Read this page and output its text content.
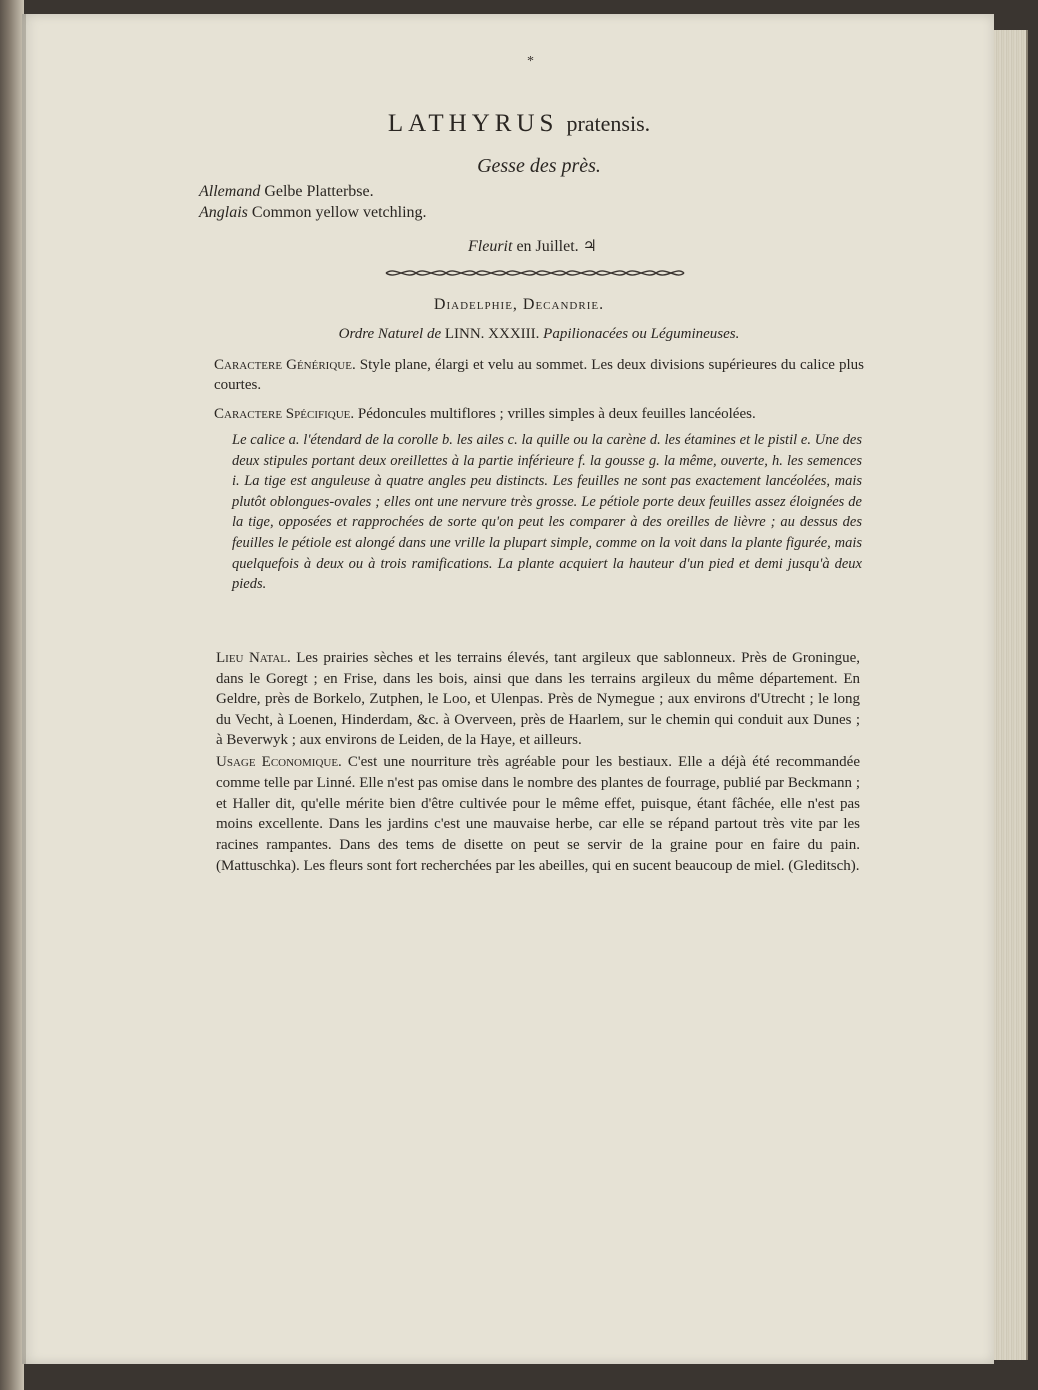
*
LATHYRUS pratensis.
Gesse des près.
Allemand Gelbe Platterbse.
Anglais Common yellow vetchling.
Fleurit en Juillet. ♃
Diadelphie, Decandrie.
Ordre Naturel de LINN. XXXIII. Papilionacées ou Légumineuses.
Caractere Générique. Style plane, élargi et velu au sommet. Les deux divisions supérieures du calice plus courtes.
Caractere Spécifique. Pédoncules multiflores ; vrilles simples à deux feuilles lancéolées.
Le calice a. l'étendard de la corolle b. les ailes c. la quille ou la carène d. les étamines et le pistil e. Une des deux stipules portant deux oreillettes à la partie inférieure f. la gousse g. la même, ouverte, h. les semences i. La tige est anguleuse à quatre angles peu distincts. Les feuilles ne sont pas exactement lancéolées, mais plutôt oblongues-ovales ; elles ont une nervure très grosse. Le pétiole porte deux feuilles assez éloignées de la tige, opposées et rapprochées de sorte qu'on peut les comparer à des oreilles de lièvre ; au dessus des feuilles le pétiole est alongé dans une vrille la plupart simple, comme on la voit dans la plante figurée, mais quelquefois à deux ou à trois ramifications. La plante acquiert la hauteur d'un pied et demi jusqu'à deux pieds.
Lieu Natal. Les prairies sèches et les terrains élevés, tant argileux que sablonneux. Près de Groningue, dans le Goregt ; en Frise, dans les bois, ainsi que dans les terrains argileux du même département. En Geldre, près de Borkelo, Zutphen, le Loo, et Ulenpas. Près de Nymegue ; aux environs d'Utrecht ; le long du Vecht, à Loenen, Hinderdam, &c. à Overveen, près de Haarlem, sur le chemin qui conduit aux Dunes ; à Beverwyk ; aux environs de Leiden, de la Haye, et ailleurs.
Usage Economique. C'est une nourriture très agréable pour les bestiaux. Elle a déjà été recommandée comme telle par Linné. Elle n'est pas omise dans le nombre des plantes de fourrage, publié par Beckmann ; et Haller dit, qu'elle mérite bien d'être cultivée pour le même effet, puisque, étant fâchée, elle n'est pas moins excellente. Dans les jardins c'est une mauvaise herbe, car elle se répand partout très vite par les racines rampantes. Dans des tems de disette on peut se servir de la graine pour en faire du pain. (Mattuschka). Les fleurs sont fort recherchées par les abeilles, qui en sucent beaucoup de miel. (Gleditsch).
